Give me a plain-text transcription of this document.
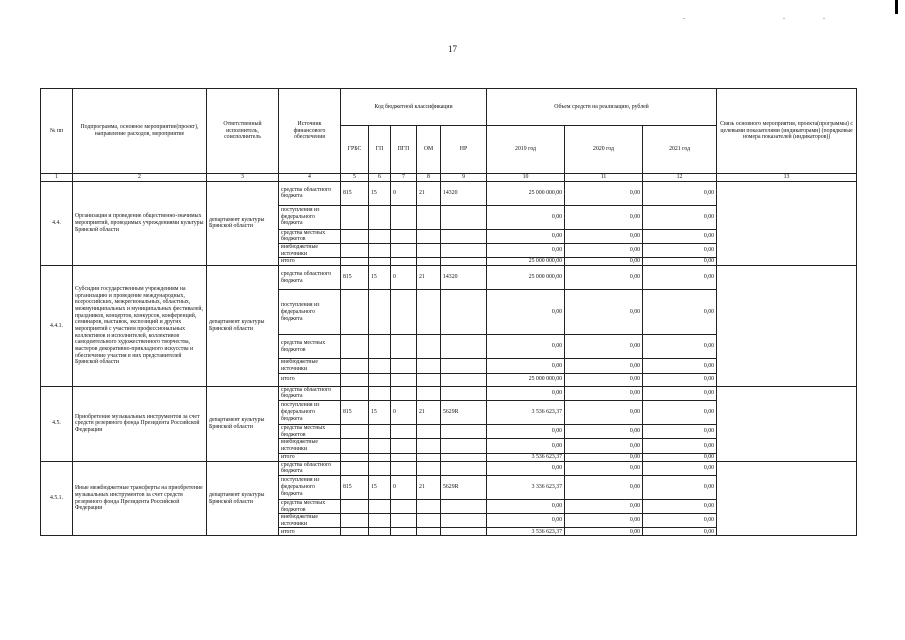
17
№ пп	Подпрограмма, основное мероприятие(проект), направление расходов, мероприятие	Ответственный исполнитель, соисполнитель	Источник финансового обеспечения	Код бюджетной классификации					Объем средств на реализацию, рублей			Связь основного мероприятия, проекта(программы) с целевыми показателями (индикаторами) (порядковые номера показателей (индикаторов))
				ГРБС	ГП	ПГП	ОМ	НР	2019 год	2020 год	2021 год	
1	2	3	4	5	6	7	8	9	10	11	12	13
4.4.	Организация и проведение общественно-значимых мероприятий, проводимых учреждениями культуры Брянской области	департамент культуры Брянской области	средства областного бюджета	815	15	0	21	14320	25 000 000,00	0,00	0,00	
			поступления из федерального бюджета						0,00	0,00	0,00	
			средства местных бюджетов						0,00	0,00	0,00	
			внебюджетные источники						0,00	0,00	0,00	
			итого						25 000 000,00	0,00	0,00	
4.4.1.	Субсидии государственным учреждениям на организацию и проведение международных, всероссийских, межрегиональных, областных, межмуниципальных и муниципальных фестивалей, праздников, концертов, конкурсов, конференций, семинаров, выставок, экспозиций и других мероприятий с участием профессиональных коллективов и исполнителей, коллективов самодеятельного художественного творчества, мастеров декоративно-прикладного искусства и обеспечение участия в них представителей Брянской области	департамент культуры Брянской области	средства областного бюджета	815	15	0	21	14320	25 000 000,00	0,00	0,00	
			поступления из федерального бюджета						0,00	0,00	0,00	
			средства местных бюджетов						0,00	0,00	0,00	
			внебюджетные источники						0,00	0,00	0,00	
			итого						25 000 000,00	0,00	0,00	
4.5.	Приобретение музыкальных инструментов за счет средств резервного фонда Президента Российской Федерации	департамент культуры Брянской области	средства областного бюджета						0,00	0,00	0,00	
			поступления из федерального бюджета	815	15	0	21	5629R	3 536 623,37	0,00	0,00	
			средства местных бюджетов						0,00	0,00	0,00	
			внебюджетные источники						0,00	0,00	0,00	
			итого						3 536 623,37	0,00	0,00	
4.5.1.	Иные межбюджетные трансферты на приобретение музыкальных инструментов за счет средств резервного фонда Президента Российской Федерации	департамент культуры Брянской области	средства областного бюджета						0,00	0,00	0,00	
			поступления из федерального бюджета	815	15	0	21	5629R	3 336 623,37	0,00	0,00	
			средства местных бюджетов						0,00	0,00	0,00	
			внебюджетные источники						0,00	0,00	0,00	
			итого						3 536 623,37	0,00	0,00	
